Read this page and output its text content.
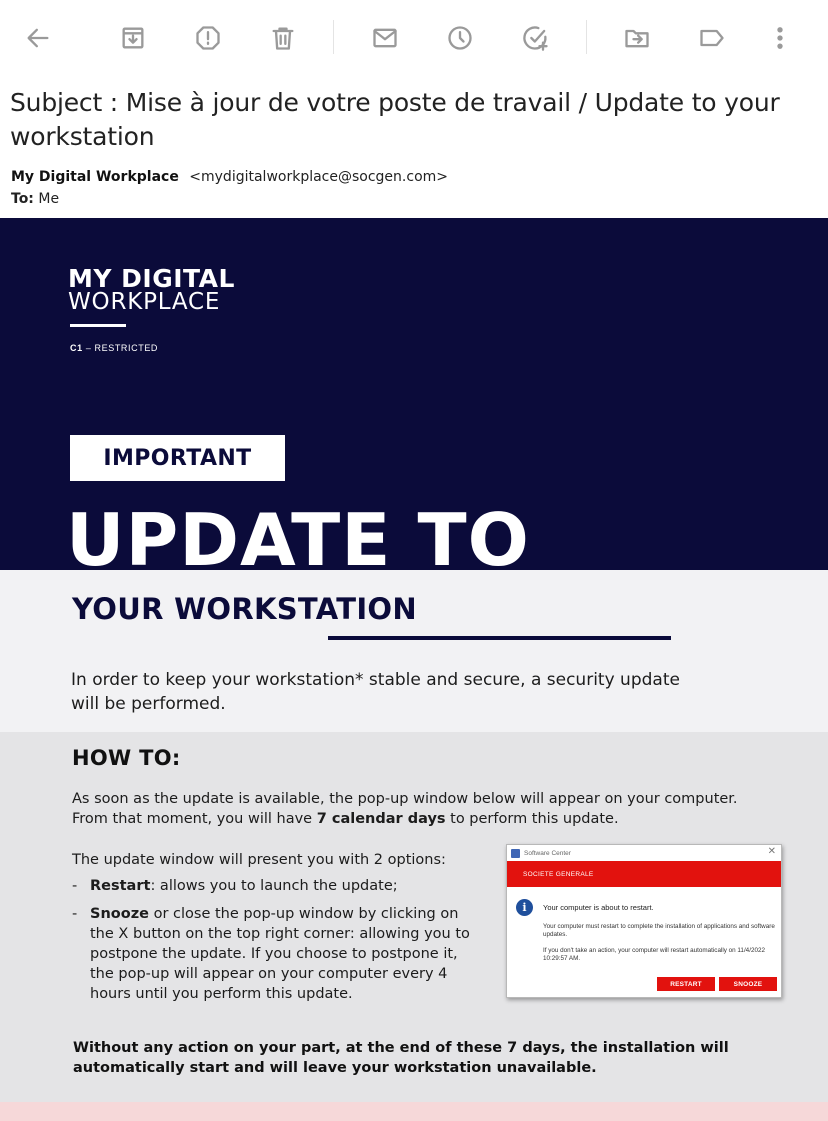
Subject : Mise à jour de votre poste de travail / Update to your workstation
My Digital Workplace <mydigitalworkplace@socgen.com>
To: Me
MY DIGITAL
WORKPLACE
C1 – RESTRICTED
IMPORTANT
UPDATE TO
YOUR WORKSTATION
In order to keep your workstation* stable and secure, a security update will be performed.
HOW TO:
As soon as the update is available, the pop-up window below will appear on your computer. From that moment, you will have 7 calendar days to perform this update.
The update window will present you with 2 options:
- Restart: allows you to launch the update;
- Snooze or close the pop-up window by clicking on the X button on the top right corner: allowing you to postpone the update. If you choose to postpone it, the pop-up will appear on your computer every 4 hours until you perform this update.
Software Center	✕
SOCIETE GENERALE
i	Your computer is about to restart.
Your computer must restart to complete the installation of applications and software updates.
If you don't take an action, your computer will restart automatically on 11/4/2022 10:29:57 AM.
RESTART	SNOOZE
Without any action on your part, at the end of these 7 days, the installation will automatically start and will leave your workstation unavailable.
